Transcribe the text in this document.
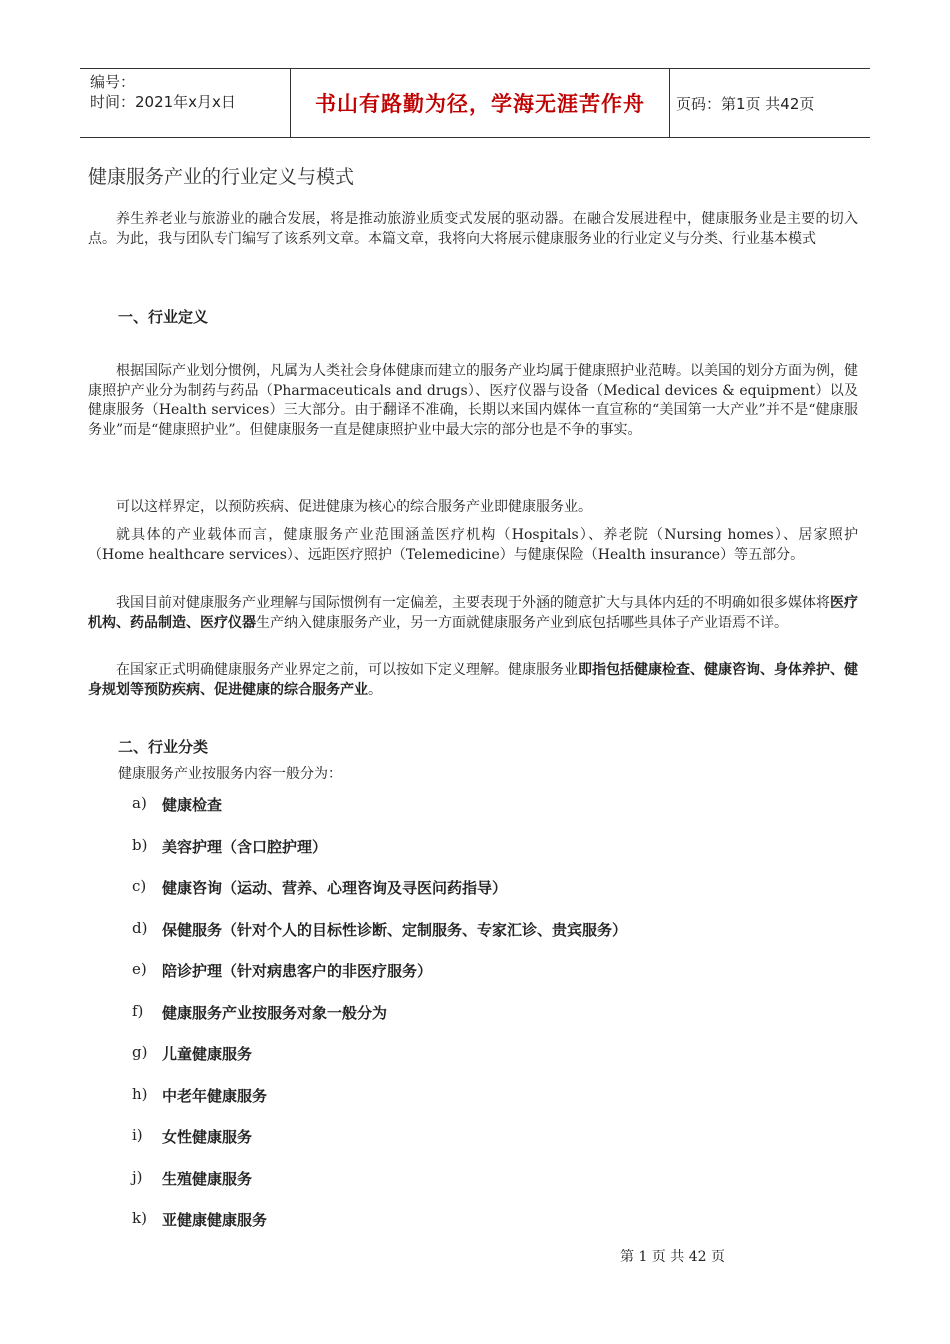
编号：
时间：2021年x月x日	书山有路勤为径，学海无涯苦作舟	页码：第1页 共42页
健康服务产业的行业定义与模式
养生养老业与旅游业的融合发展，将是推动旅游业质变式发展的驱动器。在融合发展进程中，健康服务业是主要的切入点。为此，我与团队专门编写了该系列文章。本篇文章，我将向大将展示健康服务业的行业定义与分类、行业基本模式
一、行业定义
根据国际产业划分惯例，凡属为人类社会身体健康而建立的服务产业均属于健康照护业范畴。以美国的划分方面为例，健康照护产业分为制药与药品（Pharmaceuticals and drugs）、医疗仪器与设备（Medical devices & equipment）以及健康服务（Health services）三大部分。由于翻译不准确，长期以来国内媒体一直宣称的“美国第一大产业”并不是“健康服务业”而是“健康照护业”。但健康服务一直是健康照护业中最大宗的部分也是不争的事实。
可以这样界定，以预防疾病、促进健康为核心的综合服务产业即健康服务业。
就具体的产业载体而言，健康服务产业范围涵盖医疗机构（Hospitals）、养老院（Nursing homes）、居家照护（Home healthcare services）、远距医疗照护（Telemedicine）与健康保险（Health insurance）等五部分。
我国目前对健康服务产业理解与国际惯例有一定偏差，主要表现于外涵的随意扩大与具体内廷的不明确如很多媒体将医疗机构、药品制造、医疗仪器生产纳入健康服务产业，另一方面就健康服务产业到底包括哪些具体子产业语焉不详。
在国家正式明确健康服务产业界定之前，可以按如下定义理解。健康服务业即指包括健康检查、健康咨询、身体养护、健身规划等预防疾病、促进健康的综合服务产业。
二、行业分类
健康服务产业按服务内容一般分为：
a) 健康检查
b) 美容护理（含口腔护理）
c) 健康咨询（运动、营养、心理咨询及寻医问药指导）
d) 保健服务（针对个人的目标性诊断、定制服务、专家汇诊、贵宾服务）
e) 陪诊护理（针对病患客户的非医疗服务）
f)	健康服务产业按服务对象一般分为
g) 儿童健康服务
h) 中老年健康服务
i)	女性健康服务
j)	生殖健康服务
k) 亚健康健康服务
第 1 页 共 42 页
